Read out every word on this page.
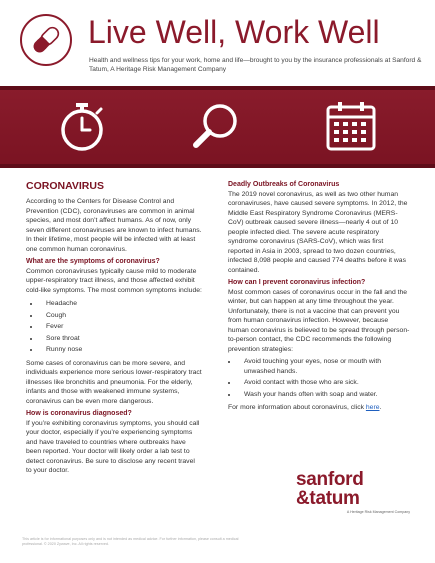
Live Well, Work Well
Health and wellness tips for your work, home and life—brought to you by the insurance professionals at Sanford & Tatum, A Heritage Risk Management Company
CORONAVIRUS

According to the Centers for Disease Control and Prevention (CDC), coronaviruses are common in animal species, and most don’t affect humans. As of now, only seven different coronaviruses are known to infect humans. In their lifetime, most people will be infected with at least one common human coronavirus.

What are the symptoms of coronavirus?

Common coronaviruses typically cause mild to moderate upper-respiratory tract illness, and those affected exhibit cold-like symptoms. The most common symptoms include:

• Headache
• Cough
• Fever
• Sore throat
• Runny nose

Some cases of coronavirus can be more severe, and individuals experience more serious lower-respiratory tract illnesses like bronchitis and pneumonia. For the elderly, infants and those with weakened immune systems, coronavirus can be even more dangerous.

How is coronavirus diagnosed?

If you’re exhibiting coronavirus symptoms, you should call your doctor, especially if you’re experiencing symptoms and have traveled to countries where outbreaks have been reported. Your doctor will likely order a lab test to detect coronavirus. Be sure to disclose any recent travel to your doctor.

Deadly Outbreaks of Coronavirus

The 2019 novel coronavirus, as well as two other human coronaviruses, have caused severe symptoms. In 2012, the Middle East Respiratory Syndrome Coronavirus (MERS-CoV) outbreak caused severe illness—nearly 4 out of 10 people infected died. The severe acute respiratory syndrome coronavirus (SARS-CoV), which was first reported in Asia in 2003, spread to two dozen countries, infected 8,098 people and caused 774 deaths before it was contained.

How can I prevent coronavirus infection?

Most common cases of coronavirus occur in the fall and the winter, but can happen at any time throughout the year. Unfortunately, there is not a vaccine that can prevent you from human coronavirus infection. However, because human coronavirus is believed to be spread through person-to-person contact, the CDC recommends the following prevention strategies:

• Avoid touching your eyes, nose or mouth with unwashed hands.
• Avoid contact with those who are sick.
• Wash your hands often with soap and water.

For more information about coronavirus, click here.

sanford
&tatum
A Heritage Risk Management Company
This article is for informational purposes only and is not intended as medical advice. For further information, please consult a medical professional. © 2020 Zywave, Inc. All rights reserved.
